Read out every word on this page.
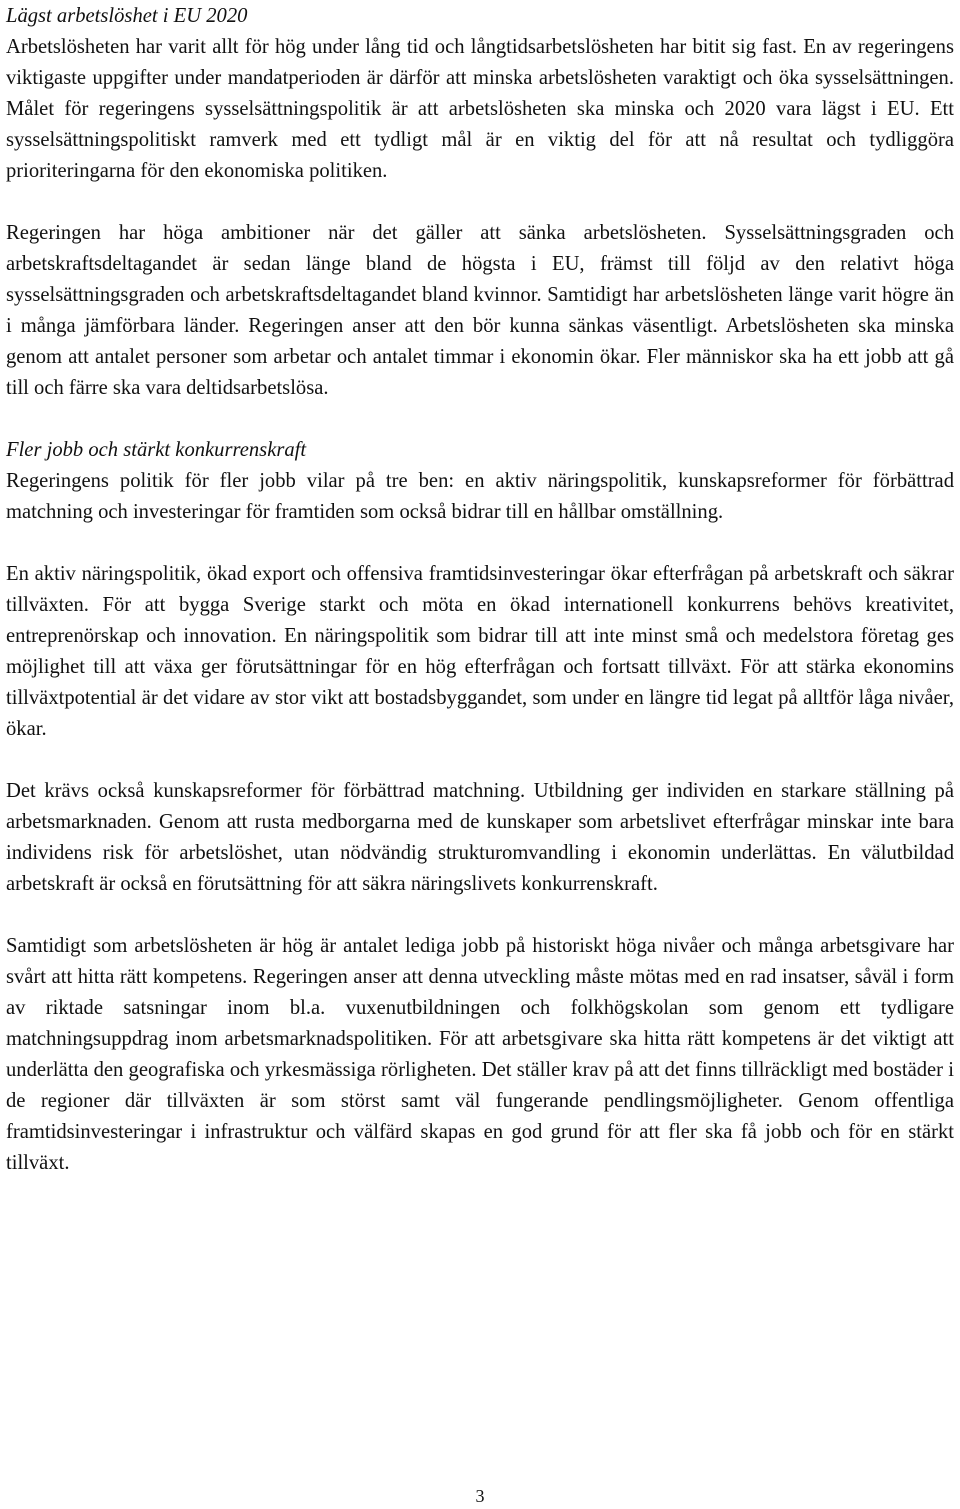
Lägst arbetslöshet i EU 2020

Arbetslösheten har varit allt för hög under lång tid och långtidsarbetslösheten har bitit sig fast. En av regeringens viktigaste uppgifter under mandatperioden är därför att minska arbetslösheten varaktigt och öka sysselsättningen. Målet för regeringens sysselsättningspolitik är att arbetslösheten ska minska och 2020 vara lägst i EU. Ett sysselsättningspolitiskt ramverk med ett tydligt mål är en viktig del för att nå resultat och tydliggöra prioriteringarna för den ekonomiska politiken.

Regeringen har höga ambitioner när det gäller att sänka arbetslösheten. Sysselsättningsgraden och arbetskraftsdeltagandet är sedan länge bland de högsta i EU, främst till följd av den relativt höga sysselsättningsgraden och arbetskraftsdeltagandet bland kvinnor. Samtidigt har arbetslösheten länge varit högre än i många jämförbara länder. Regeringen anser att den bör kunna sänkas väsentligt. Arbetslösheten ska minska genom att antalet personer som arbetar och antalet timmar i ekonomin ökar. Fler människor ska ha ett jobb att gå till och färre ska vara deltidsarbetslösa.

Fler jobb och stärkt konkurrenskraft

Regeringens politik för fler jobb vilar på tre ben: en aktiv näringspolitik, kunskapsreformer för förbättrad matchning och investeringar för framtiden som också bidrar till en hållbar omställning.

En aktiv näringspolitik, ökad export och offensiva framtidsinvesteringar ökar efterfrågan på arbetskraft och säkrar tillväxten. För att bygga Sverige starkt och möta en ökad internationell konkurrens behövs kreativitet, entreprenörskap och innovation. En näringspolitik som bidrar till att inte minst små och medelstora företag ges möjlighet till att växa ger förutsättningar för en hög efterfrågan och fortsatt tillväxt. För att stärka ekonomins tillväxtpotential är det vidare av stor vikt att bostadsbyggandet, som under en längre tid legat på alltför låga nivåer, ökar.

Det krävs också kunskapsreformer för förbättrad matchning. Utbildning ger individen en starkare ställning på arbetsmarknaden. Genom att rusta medborgarna med de kunskaper som arbetslivet efterfrågar minskar inte bara individens risk för arbetslöshet, utan nödvändig strukturomvandling i ekonomin underlättas. En välutbildad arbetskraft är också en förutsättning för att säkra näringslivets konkurrenskraft.

Samtidigt som arbetslösheten är hög är antalet lediga jobb på historiskt höga nivåer och många arbetsgivare har svårt att hitta rätt kompetens. Regeringen anser att denna utveckling måste mötas med en rad insatser, såväl i form av riktade satsningar inom bl.a. vuxenutbildningen och folkhögskolan som genom ett tydligare matchningsuppdrag inom arbetsmarknadspolitiken. För att arbetsgivare ska hitta rätt kompetens är det viktigt att underlätta den geografiska och yrkesmässiga rörligheten. Det ställer krav på att det finns tillräckligt med bostäder i de regioner där tillväxten är som störst samt väl fungerande pendlingsmöjligheter. Genom offentliga framtidsinvesteringar i infrastruktur och välfärd skapas en god grund för att fler ska få jobb och för en stärkt tillväxt.

3
